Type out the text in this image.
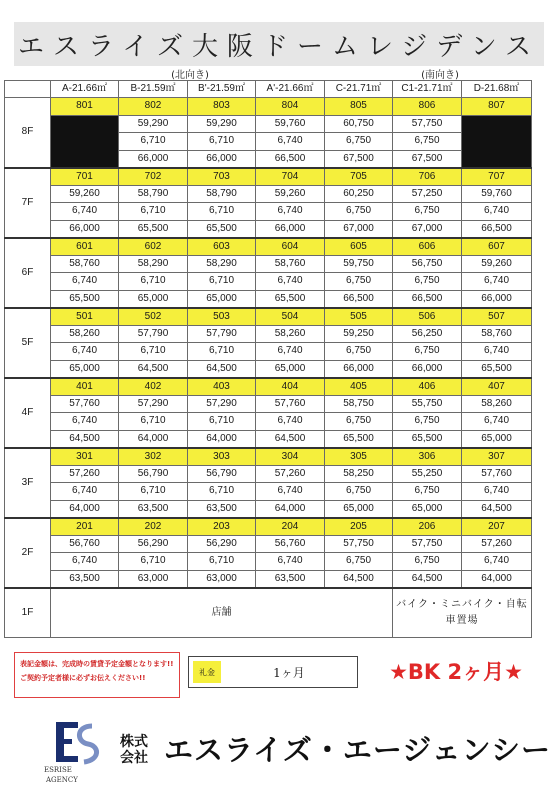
エスライズ大阪ドームレジデンス
(北向き)	(南向き)
	A-21.66㎡	B-21.59㎡	B'-21.59㎡	A'-21.66㎡	C-21.71㎡	C1-21.71㎡	D-21.68㎡
8F	801	802	803	804	805	806	807
		59,290	59,290	59,760	60,750	57,750	
		6,710	6,710	6,740	6,750	6,750	
		66,000	66,000	66,500	67,500	67,500	
7F	701	702	703	704	705	706	707
	59,260	58,790	58,790	59,260	60,250	57,250	59,760
	6,740	6,710	6,710	6,740	6,750	6,750	6,740
	66,000	65,500	65,500	66,000	67,000	67,000	66,500
6F	601	602	603	604	605	606	607
	58,760	58,290	58,290	58,760	59,750	56,750	59,260
	6,740	6,710	6,710	6,740	6,750	6,750	6,740
	65,500	65,000	65,000	65,500	66,500	66,500	66,000
5F	501	502	503	504	505	506	507
	58,260	57,790	57,790	58,260	59,250	56,250	58,760
	6,740	6,710	6,710	6,740	6,750	6,750	6,740
	65,000	64,500	64,500	65,000	66,000	66,000	65,500
4F	401	402	403	404	405	406	407
	57,760	57,290	57,290	57,760	58,750	55,750	58,260
	6,740	6,710	6,710	6,740	6,750	6,750	6,740
	64,500	64,000	64,000	64,500	65,500	65,500	65,000
3F	301	302	303	304	305	306	307
	57,260	56,790	56,790	57,260	58,250	55,250	57,760
	6,740	6,710	6,710	6,740	6,750	6,750	6,740
	64,000	63,500	63,500	64,000	65,000	65,000	64,500
2F	201	202	203	204	205	206	207
	56,760	56,290	56,290	56,760	57,750	57,750	57,260
	6,740	6,710	6,710	6,740	6,750	6,750	6,740
	63,500	63,000	63,000	63,500	64,500	64,500	64,000
1F	店舗					バイク・ミニバイク・自転車置場	
表記金額は、完成時の賃貸予定金額となります!!
ご契約予定者様に必ずお伝えください!!
礼金	1ヶ月	★BK 2ヶ月★
ESRISE
AGENCY
株式会社 エスライズ・エージェンシー
